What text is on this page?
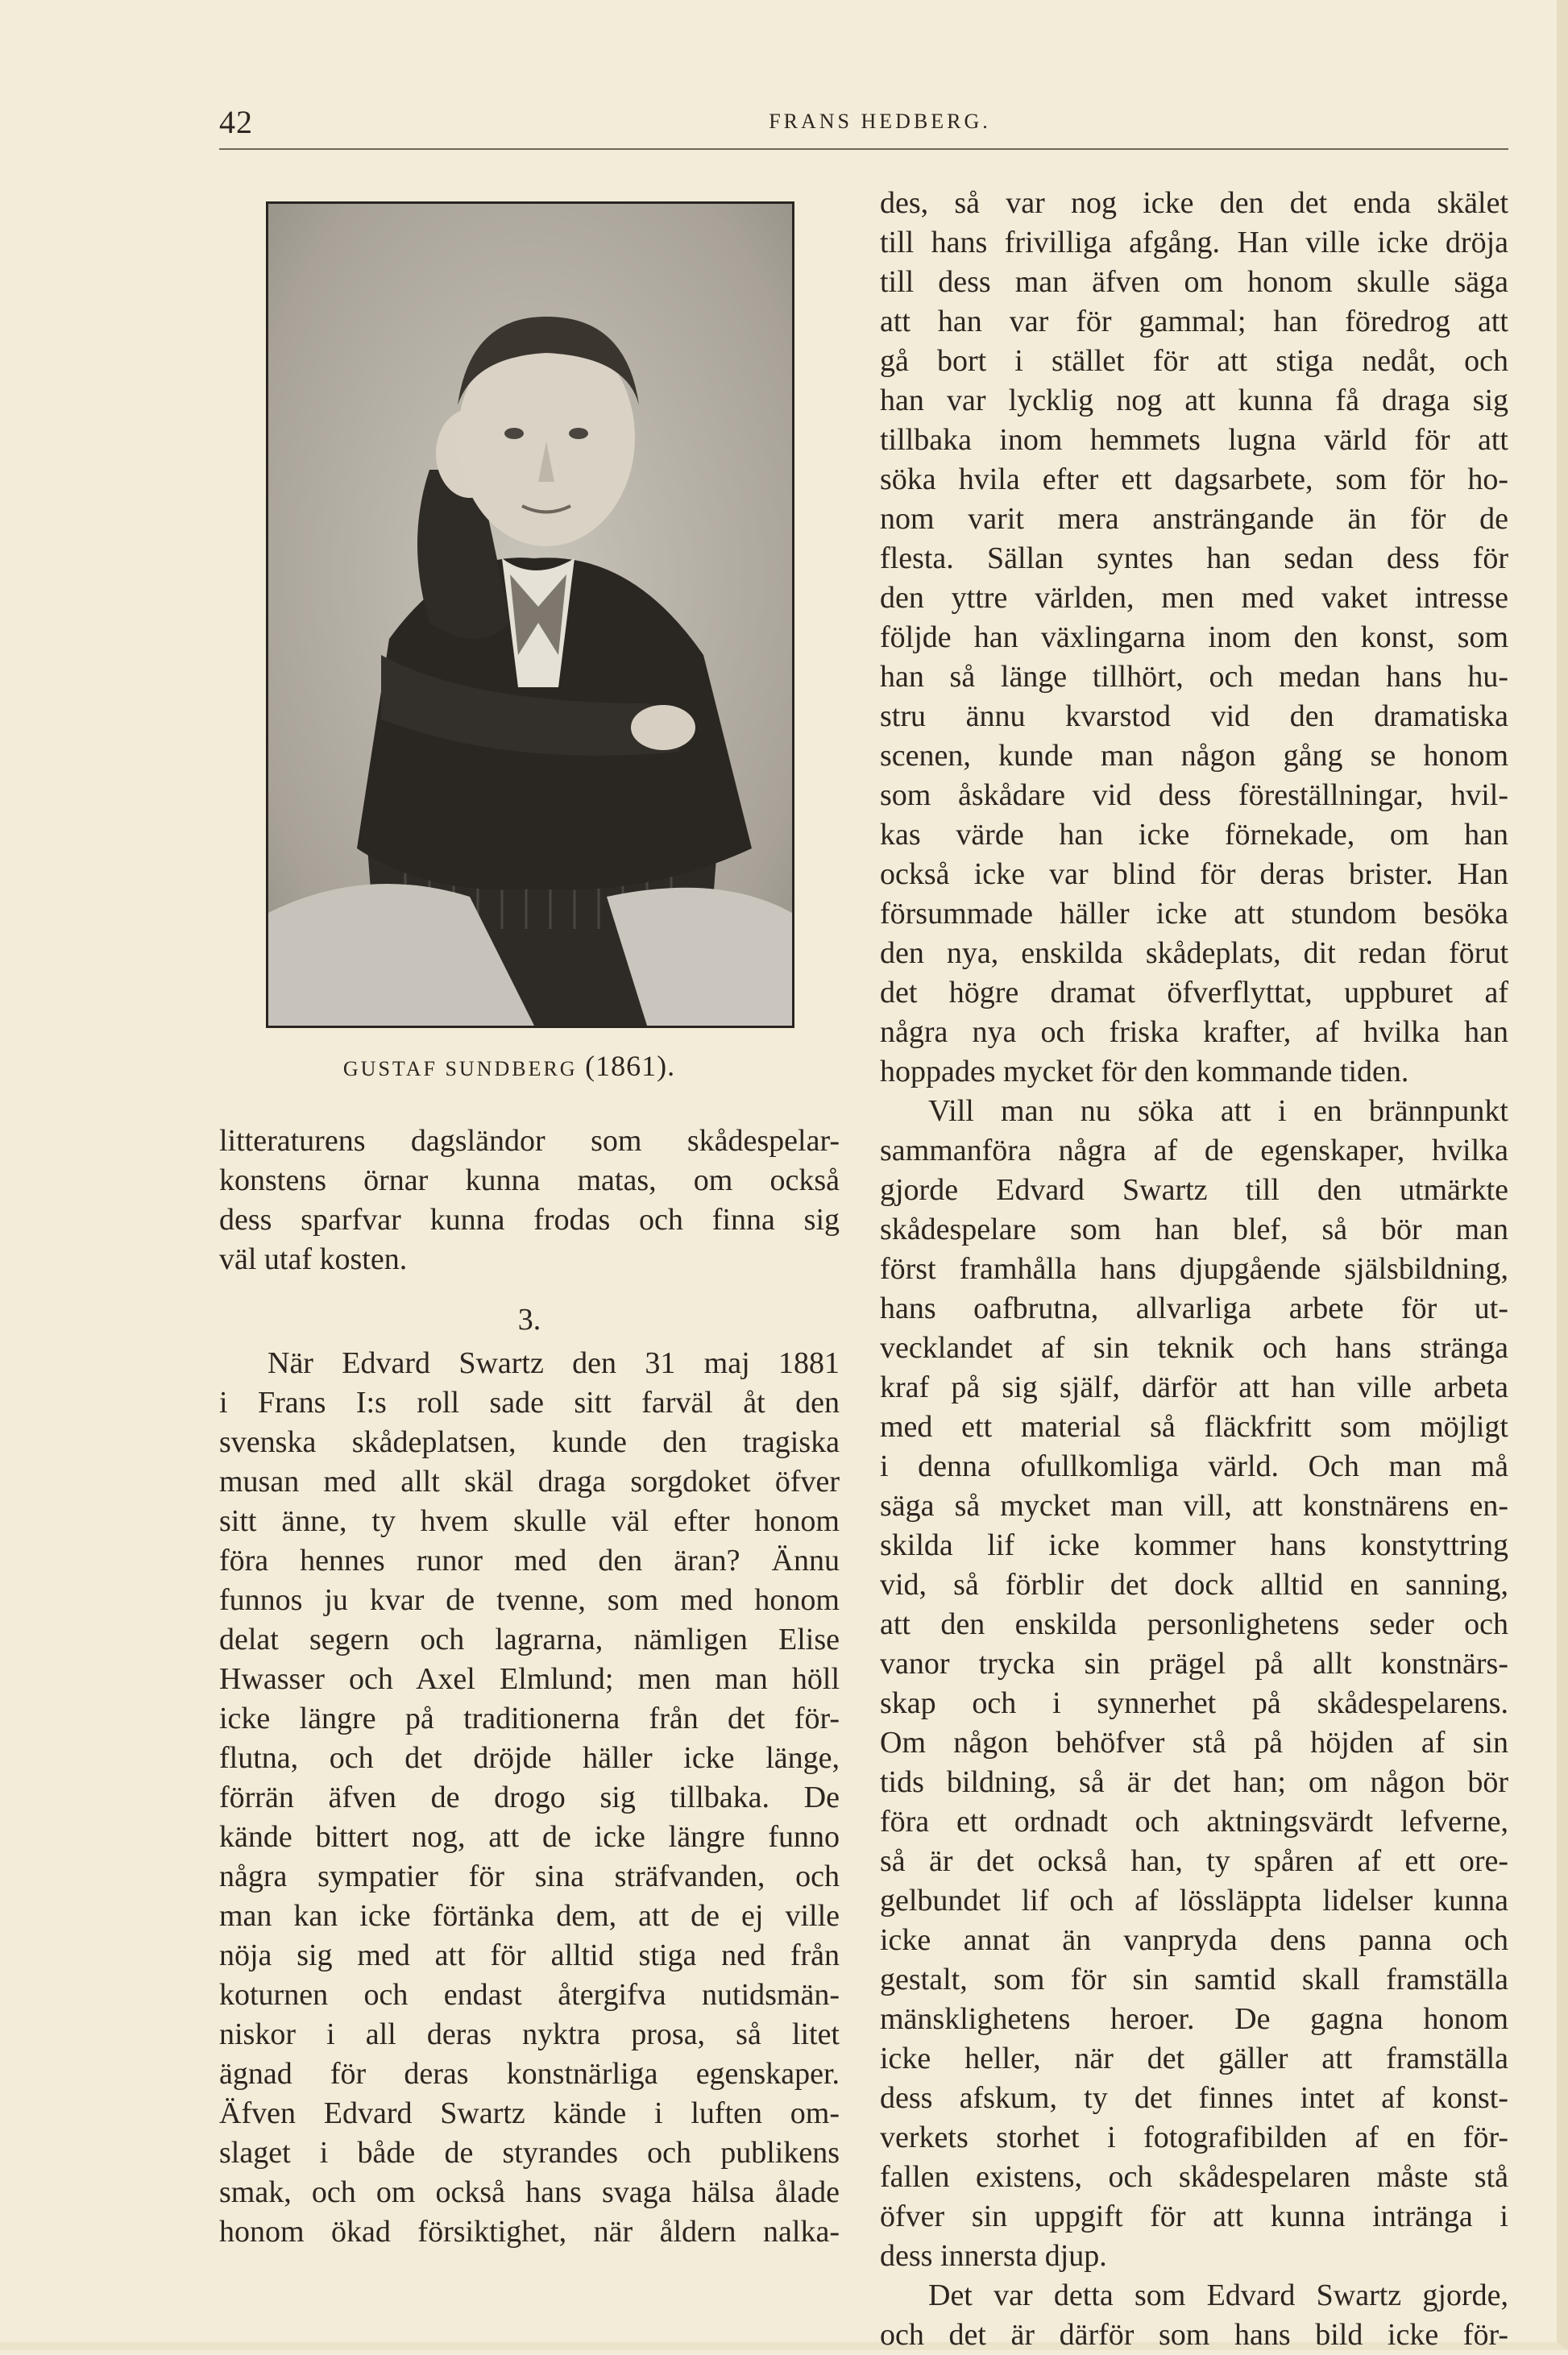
42	FRANS HEDBERG.
GUSTAF SUNDBERG (1861).
litteraturens dagsländor som skådespelar-
konstens örnar kunna matas, om också
dess sparfvar kunna frodas och finna sig
väl utaf kosten.
3.
När Edvard Swartz den 31 maj 1881
i Frans I:s roll sade sitt farväl åt den
svenska skådeplatsen, kunde den tragiska
musan med allt skäl draga sorgdoket öfver
sitt änne, ty hvem skulle väl efter honom
föra hennes runor med den äran? Ännu
funnos ju kvar de tvenne, som med honom
delat segern och lagrarna, nämligen Elise
Hwasser och Axel Elmlund; men man höll
icke längre på traditionerna från det för-
flutna, och det dröjde häller icke länge,
förrän äfven de drogo sig tillbaka. De
kände bittert nog, att de icke längre funno
några sympatier för sina sträfvanden, och
man kan icke förtänka dem, att de ej ville
nöja sig med att för alltid stiga ned från
koturnen och endast återgifva nutidsmän-
niskor i all deras nyktra prosa, så litet
ägnad för deras konstnärliga egenskaper.
Äfven Edvard Swartz kände i luften om-
slaget i både de styrandes och publikens
smak, och om också hans svaga hälsa ålade
honom ökad försiktighet, när åldern nalka-
des, så var nog icke den det enda skälet
till hans frivilliga afgång. Han ville icke dröja
till dess man äfven om honom skulle säga
att han var för gammal; han föredrog att
gå bort i stället för att stiga nedåt, och
han var lycklig nog att kunna få draga sig
tillbaka inom hemmets lugna värld för att
söka hvila efter ett dagsarbete, som för ho-
nom varit mera ansträngande än för de
flesta. Sällan syntes han sedan dess för
den yttre världen, men med vaket intresse
följde han växlingarna inom den konst, som
han så länge tillhört, och medan hans hu-
stru ännu kvarstod vid den dramatiska
scenen, kunde man någon gång se honom
som åskådare vid dess föreställningar, hvil-
kas värde han icke förnekade, om han
också icke var blind för deras brister. Han
försummade häller icke att stundom besöka
den nya, enskilda skådeplats, dit redan förut
det högre dramat öfverflyttat, uppburet af
några nya och friska krafter, af hvilka han
hoppades mycket för den kommande tiden.
Vill man nu söka att i en brännpunkt
sammanföra några af de egenskaper, hvilka
gjorde Edvard Swartz till den utmärkte
skådespelare som han blef, så bör man
först framhålla hans djupgående själsbildning,
hans oafbrutna, allvarliga arbete för ut-
vecklandet af sin teknik och hans stränga
kraf på sig själf, därför att han ville arbeta
med ett material så fläckfritt som möjligt
i denna ofullkomliga värld. Och man må
säga så mycket man vill, att konstnärens en-
skilda lif icke kommer hans konstyttring
vid, så förblir det dock alltid en sanning,
att den enskilda personlighetens seder och
vanor trycka sin prägel på allt konstnärs-
skap och i synnerhet på skådespelarens.
Om någon behöfver stå på höjden af sin
tids bildning, så är det han; om någon bör
föra ett ordnadt och aktningsvärdt lefverne,
så är det också han, ty spåren af ett ore-
gelbundet lif och af lössläppta lidelser kunna
icke annat än vanpryda dens panna och
gestalt, som för sin samtid skall framställa
mänsklighetens heroer. De gagna honom
icke heller, när det gäller att framställa
dess afskum, ty det finnes intet af konst-
verkets storhet i fotografibilden af en för-
fallen existens, och skådespelaren måste stå
öfver sin uppgift för att kunna intränga i
dess innersta djup.
Det var detta som Edvard Swartz gjorde,
och det är därför som hans bild icke för-
